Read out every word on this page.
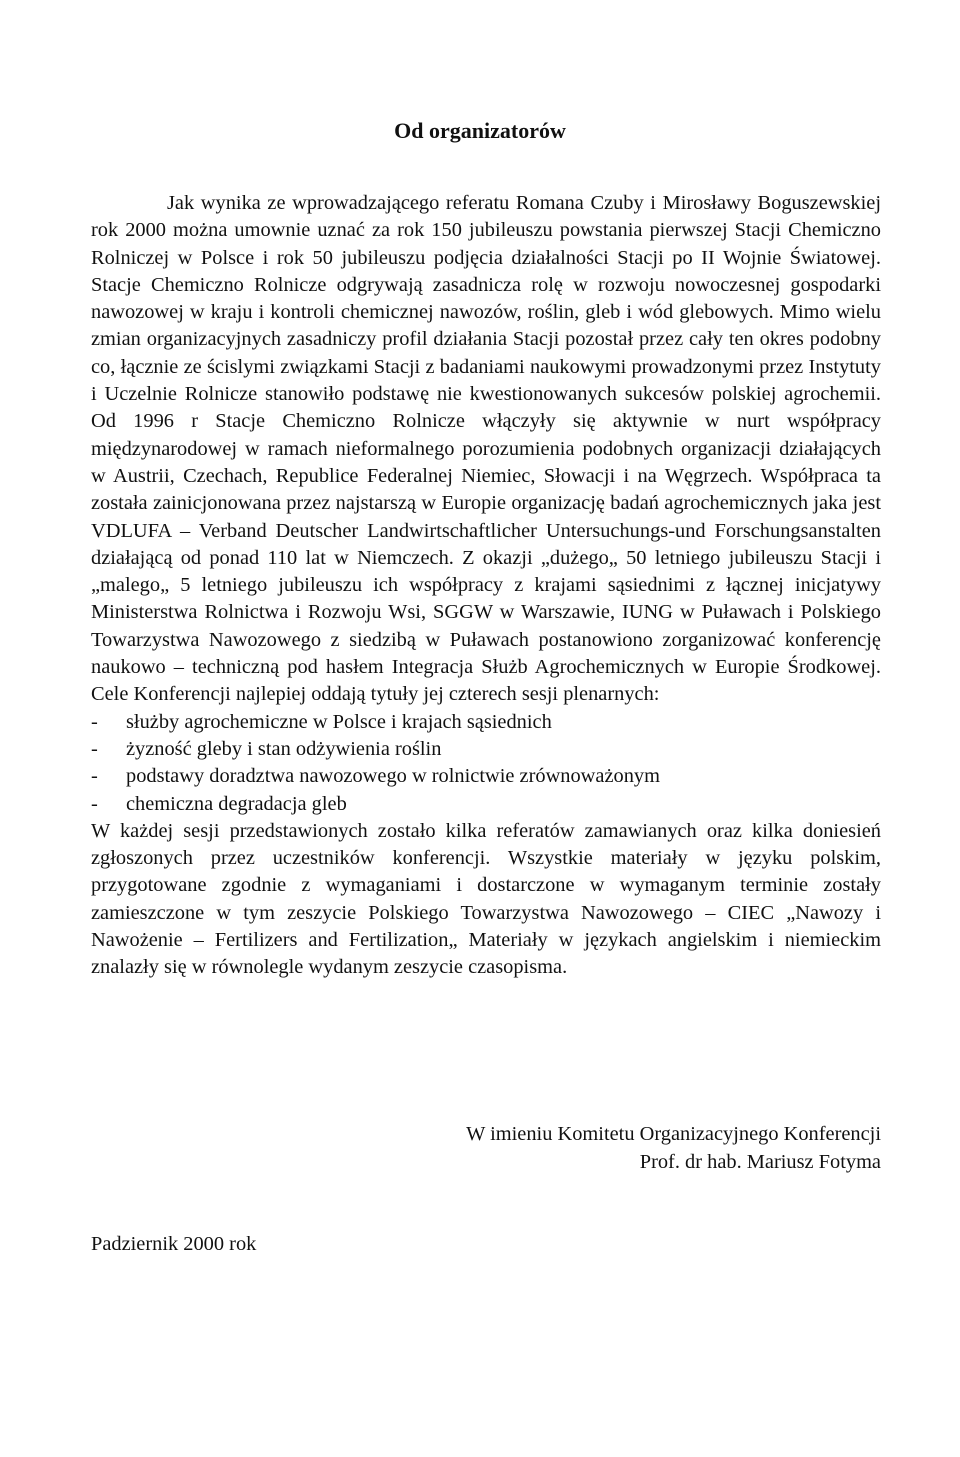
Od organizatorów

Jak wynika ze wprowadzającego referatu Romana Czuby i Mirosławy Boguszewskiej rok 2000 można umownie uznać za rok 150 jubileuszu powstania pierwszej Stacji Chemiczno Rolniczej w Polsce i rok 50 jubileuszu podjęcia działalności Stacji po II Wojnie Światowej. Stacje Chemiczno Rolnicze odgrywają zasadnicza rolę w rozwoju nowoczesnej gospodarki nawozowej w kraju i kontroli chemicznej nawozów, roślin, gleb i wód glebowych. Mimo wielu zmian organizacyjnych zasadniczy profil działania Stacji pozostał przez cały ten okres podobny co, łącznie ze ścislymi związkami Stacji z badaniami naukowymi prowadzonymi przez Instytuty i Uczelnie Rolnicze stanowiło podstawę nie kwestionowanych sukcesów polskiej agrochemii. Od 1996 r Stacje Chemiczno Rolnicze włączyły się aktywnie w nurt współpracy międzynarodowej w ramach nieformalnego porozumienia podobnych organizacji działających w Austrii, Czechach, Republice Federalnej Niemiec, Słowacji i na Węgrzech. Współpraca ta została zainicjonowana przez najstarszą w Europie organizację badań agrochemicznych jaka jest VDLUFA – Verband Deutscher Landwirtschaftlicher Untersuchungs-und Forschungsanstalten działającą od ponad 110 lat w Niemczech. Z okazji „dużego„ 50 letniego jubileuszu Stacji i „malego„ 5 letniego jubileuszu ich współpracy z krajami sąsiednimi z łącznej inicjatywy Ministerstwa Rolnictwa i Rozwoju Wsi, SGGW w Warszawie, IUNG w Puławach i Polskiego Towarzystwa Nawozowego z siedzibą w Puławach postanowiono zorganizować konferencję naukowo – techniczną pod hasłem Integracja Służb Agrochemicznych w Europie Środkowej. Cele Konferencji najlepiej oddają tytuły jej czterech sesji plenarnych:

- służby agrochemiczne w Polsce i krajach sąsiednich
- żyzność gleby i stan odżywienia roślin
- podstawy doradztwa nawozowego w rolnictwie zrównoważonym
- chemiczna degradacja gleb

W każdej sesji przedstawionych zostało kilka referatów zamawianych oraz kilka doniesień zgłoszonych przez uczestników konferencji. Wszystkie materiały w języku polskim, przygotowane zgodnie z wymaganiami i dostarczone w wymaganym terminie zostały zamieszczone w tym zeszycie Polskiego Towarzystwa Nawozowego – CIEC „Nawozy i Nawożenie – Fertilizers and Fertilization„ Materiały w językach angielskim i niemieckim znalazły się w równolegle wydanym zeszycie czasopisma.

W imieniu Komitetu Organizacyjnego Konferencji
Prof. dr hab. Mariusz Fotyma
Padziernik 2000 rok
